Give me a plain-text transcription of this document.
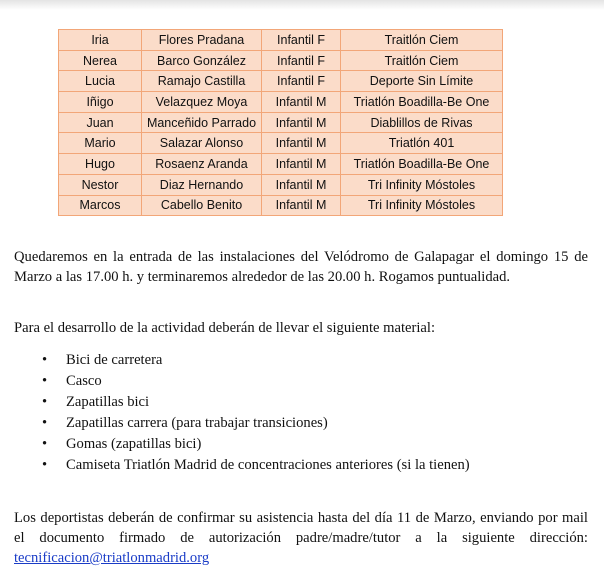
Iria	Flores Pradana	Infantil F	Traitlón Ciem
Nerea	Barco González	Infantil F	Traitlón Ciem
Lucia	Ramajo Castilla	Infantil F	Deporte Sin Límite
Iñigo	Velazquez Moya	Infantil M	Triatlón Boadilla-Be One
Juan	Manceñido Parrado	Infantil M	Diablillos de Rivas
Mario	Salazar Alonso	Infantil M	Triatlón 401
Hugo	Rosaenz Aranda	Infantil M	Triatlón Boadilla-Be One
Nestor	Diaz Hernando	Infantil M	Tri Infinity Móstoles
Marcos	Cabello Benito	Infantil M	Tri Infinity Móstoles

Quedaremos en la entrada de las instalaciones del Velódromo de Galapagar el domingo 15 de Marzo a las 17.00 h. y terminaremos alrededor de las 20.00 h. Rogamos puntualidad.

Para el desarrollo de la actividad deberán de llevar el siguiente material:

• Bici de carretera
• Casco
• Zapatillas bici
• Zapatillas carrera (para trabajar transiciones)
• Gomas (zapatillas bici)
• Camiseta Triatlón Madrid de concentraciones anteriores (si la tienen)

Los deportistas deberán de confirmar su asistencia hasta del día 11 de Marzo, enviando por mail el documento firmado de autorización padre/madre/tutor a la siguiente dirección: tecnificacion@triatlonmadrid.org
